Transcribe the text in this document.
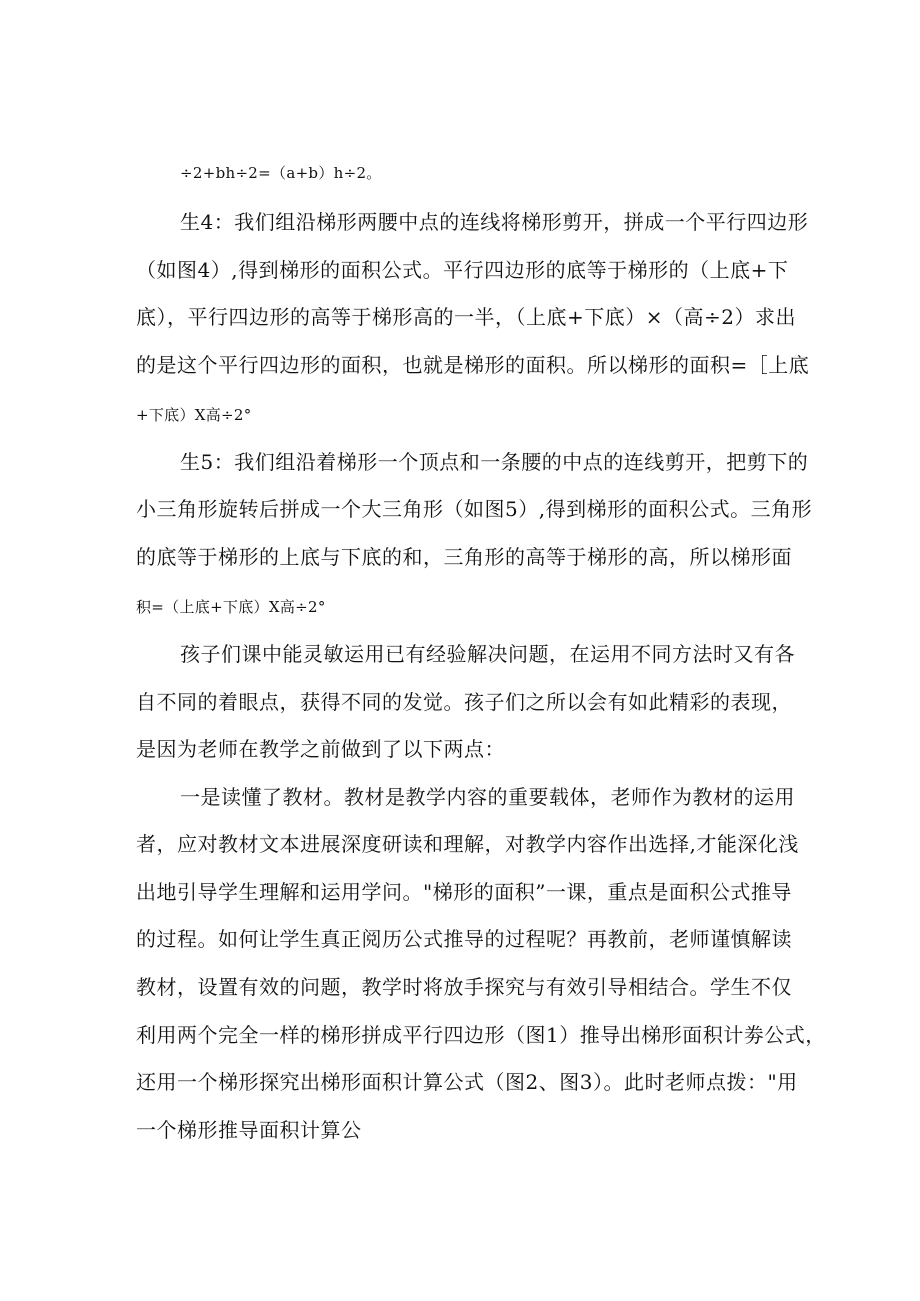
÷2+bh÷2=（a+b）h÷2。
生4：我们组沿梯形两腰中点的连线将梯形剪开，拼成一个平行四边形
（如图4）,得到梯形的面积公式。平行四边形的底等于梯形的（上底+下
底），平行四边形的高等于梯形高的一半，（上底+下底）×（高÷2）求出
的是这个平行四边形的面积，也就是梯形的面积。所以梯形的面积=［上底
+下底）X高÷2°
生5：我们组沿着梯形一个顶点和一条腰的中点的连线剪开，把剪下的
小三角形旋转后拼成一个大三角形（如图5）,得到梯形的面积公式。三角形
的底等于梯形的上底与下底的和，三角形的高等于梯形的高，所以梯形面
积=（上底+下底）X高÷2°
孩子们课中能灵敏运用已有经验解决问题，在运用不同方法时又有各
自不同的着眼点，获得不同的发觉。孩子们之所以会有如此精彩的表现，
是因为老师在教学之前做到了以下两点：
一是读懂了教材。教材是教学内容的重要载体，老师作为教材的运用
者，应对教材文本进展深度研读和理解，对教学内容作出选择,才能深化浅
出地引导学生理解和运用学问。"梯形的面积”一课，重点是面积公式推导
的过程。如何让学生真正阅历公式推导的过程呢？再教前，老师谨慎解读
教材，设置有效的问题，教学时将放手探究与有效引导相结合。学生不仅
利用两个完全一样的梯形拼成平行四边形（图1）推导出梯形面积计劵公式，
还用一个梯形探究出梯形面积计算公式（图2、图3）。此时老师点拨："用
一个梯形推导面积计算公
